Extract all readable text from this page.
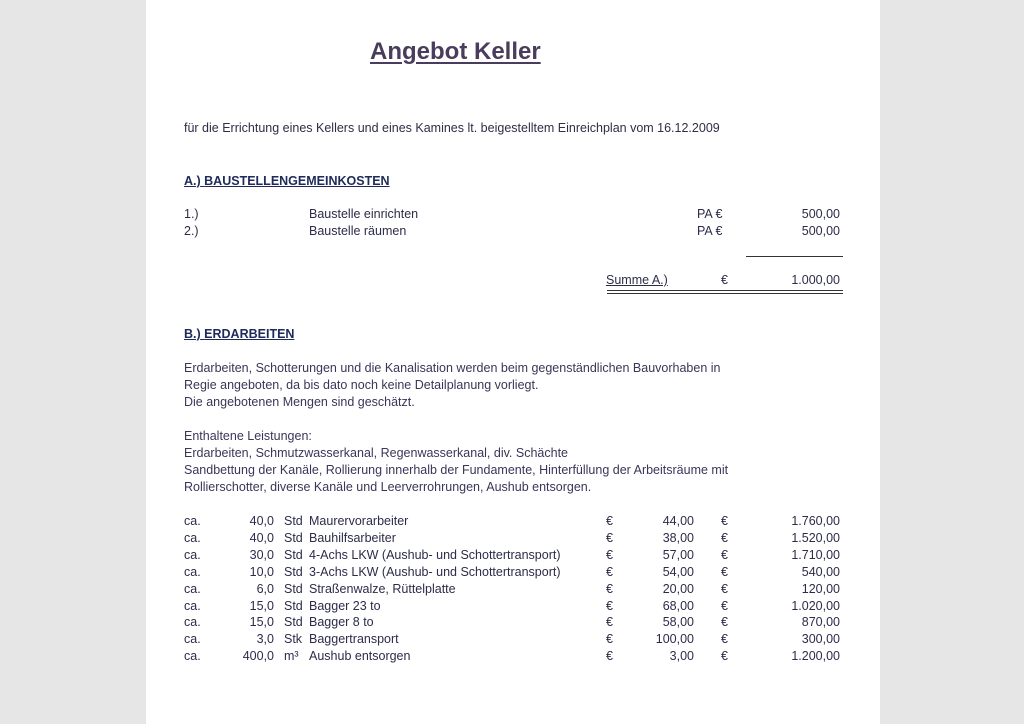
Angebot Keller
für die Errichtung eines Kellers und eines Kamines lt. beigestelltem Einreichplan vom 16.12.2009
A.) BAUSTELLENGEMEINKOSTEN
1.)	Baustelle einrichten	PA €	500,00
2.)	Baustelle räumen	PA €	500,00
Summe A.)	€	1.000,00
B.) ERDARBEITEN
Erdarbeiten, Schotterungen und die Kanalisation werden beim gegenständlichen Bauvorhaben in
Regie angeboten, da bis dato noch keine Detailplanung vorliegt.
Die angebotenen Mengen sind geschätzt.
Enthaltene Leistungen:
Erdarbeiten, Schmutzwasserkanal, Regenwasserkanal, div. Schächte
Sandbettung der Kanäle, Rollierung innerhalb der Fundamente, Hinterfüllung der Arbeitsräume mit
Rollierschotter, diverse Kanäle und Leerverrohrungen, Aushub entsorgen.
ca.	40,0 Std Maurervorarbeiter	€	44,00 €	1.760,00
ca.	40,0 Std Bauhilfsarbeiter	€	38,00 €	1.520,00
ca.	30,0 Std 4-Achs LKW (Aushub- und Schottertransport)	€	57,00 €	1.710,00
ca.	10,0 Std 3-Achs LKW (Aushub- und Schottertransport)	€	54,00 €	540,00
ca.	6,0 Std Straßenwalze, Rüttelplatte	€	20,00 €	120,00
ca.	15,0 Std Bagger 23 to	€	68,00 €	1.020,00
ca.	15,0 Std Bagger 8 to	€	58,00 €	870,00
ca.	3,0 Stk Baggertransport	€	100,00 €	300,00
ca.	400,0 m³ Aushub entsorgen	€	3,00 €	1.200,00
